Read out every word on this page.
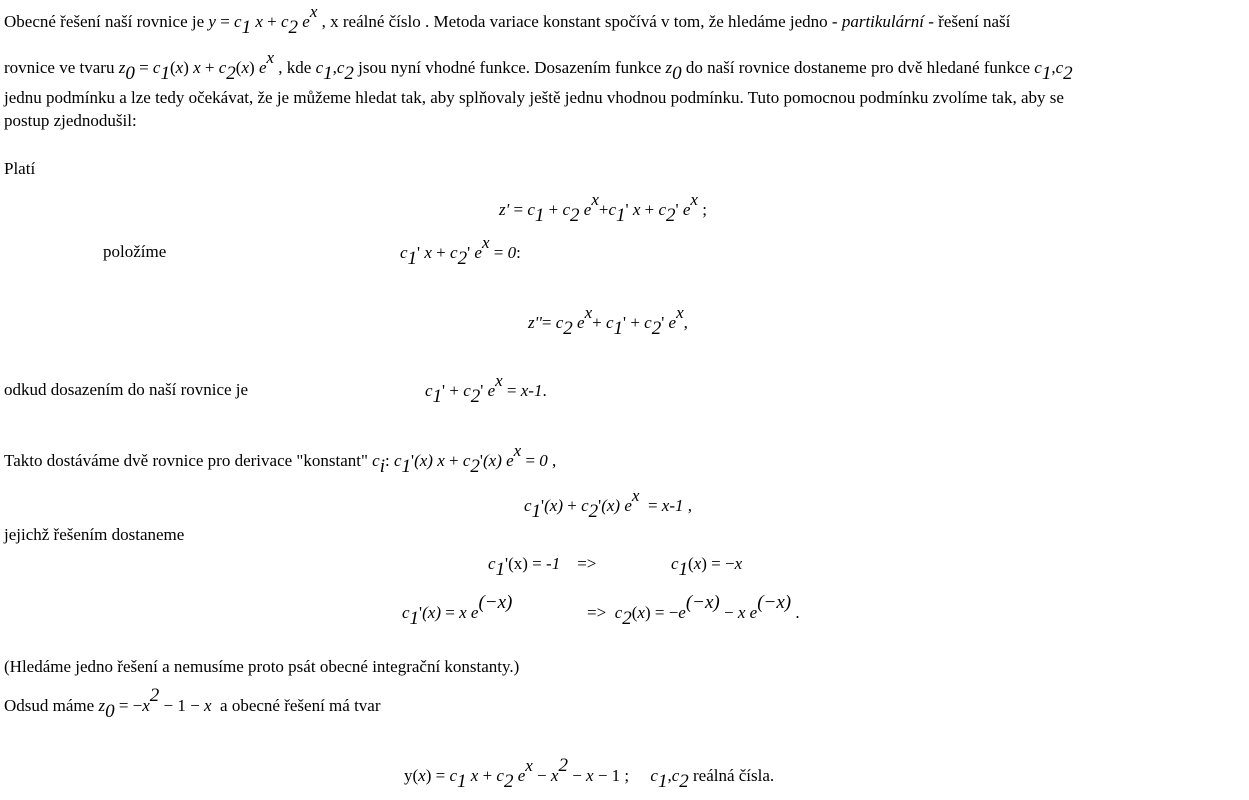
Obecné řešení naší rovnice je y = c1 x + c2 ex , x reálné číslo . Metoda variace konstant spočívá v tom, že hledáme jedno - partikulární - řešení naší
rovnice ve tvaru z0 = c1(x) x + c2(x) ex , kde c1,c2 jsou nyní vhodné funkce. Dosazením funkce z0 do naší rovnice dostaneme pro dvě hledané funkce c1,c2
jednu podmínku a lze tedy očekávat, že je můžeme hledat tak, aby splňovaly ještě jednu vhodnou podmínku. Tuto pomocnou podmínku zvolíme tak, aby se
postup zjednodušil:
Platí
z' = c1 + c2 ex+c1' x + c2' ex ;
položíme	c1' x + c2' ex = 0:
z''= c2 ex+ c1' + c2' ex,
odkud dosazením do naší rovnice je	c1' + c2' ex = x-1.
Takto dostáváme dvě rovnice pro derivace "konstant" ci: c1'(x) x + c2'(x) ex = 0 ,
c1'(x) + c2'(x) ex  = x-1 ,
jejichž řešením dostaneme
c1'(x) = -1    =>	c1(x) = −x
c1'(x) = x e(−x)	=>  c2(x) = −e(−x) − x e(−x) .
(Hledáme jedno řešení a nemusíme proto psát obecné integrační konstanty.)
Odsud máme z0 = −x2 − 1 − x a obecné řešení má tvar
y(x) = c1 x + c2 ex − x2 − x − 1 ;     c1,c2 reálná čísla.
